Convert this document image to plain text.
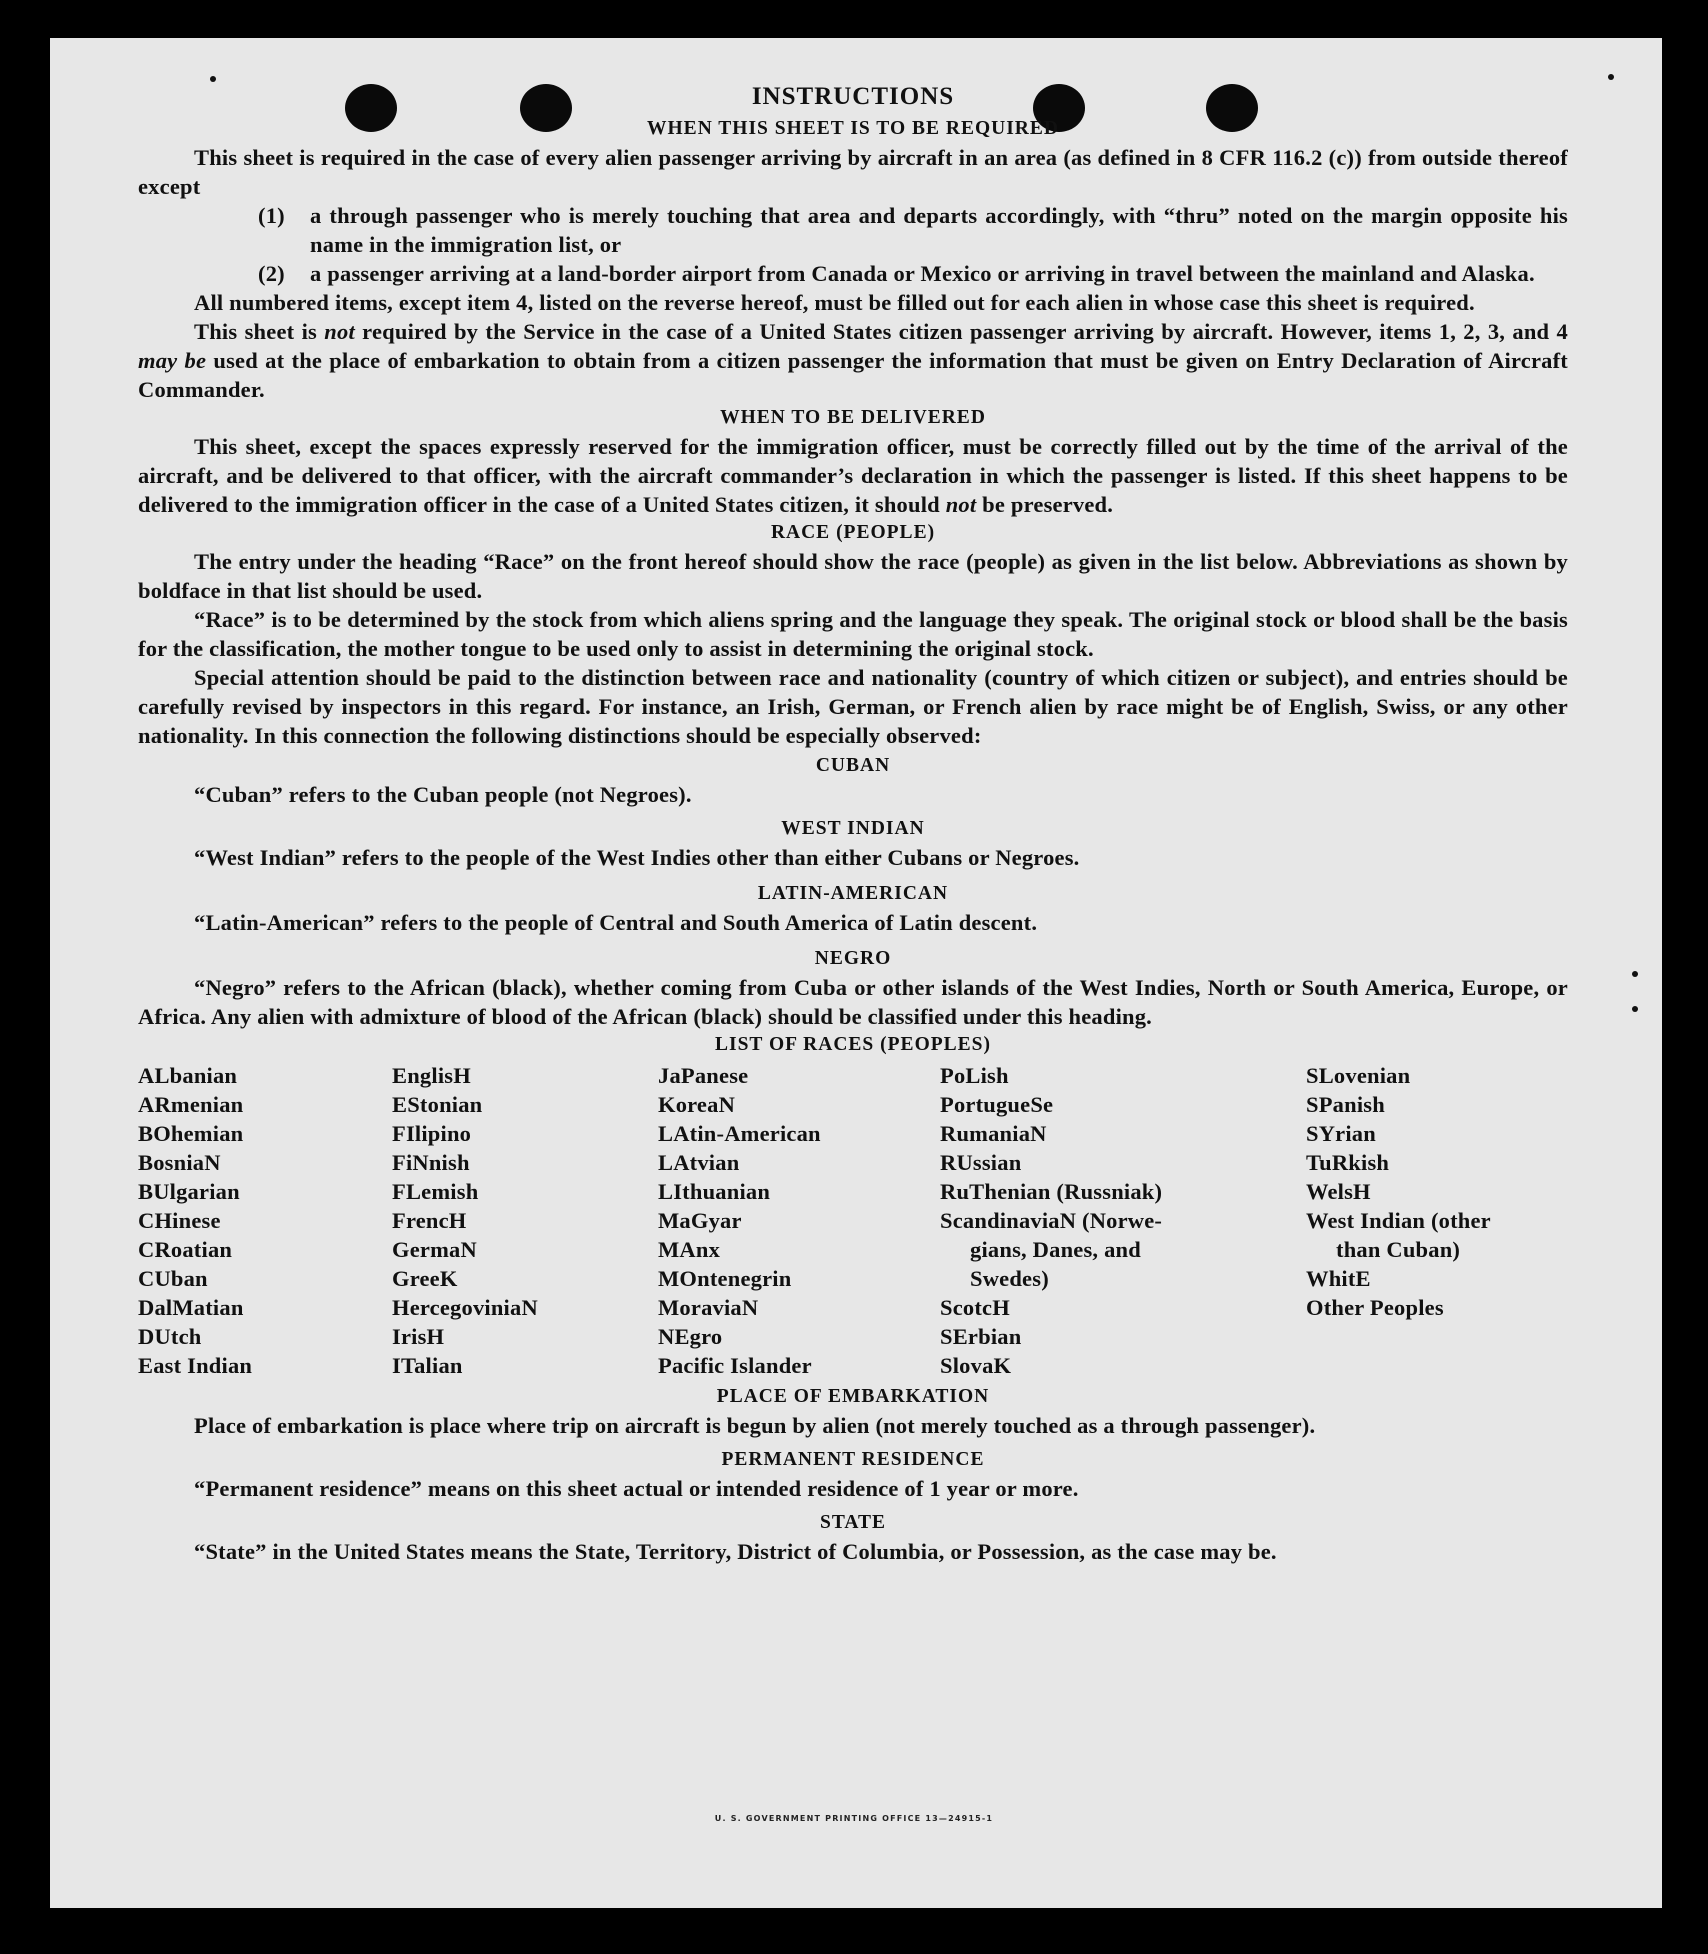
INSTRUCTIONS
WHEN THIS SHEET IS TO BE REQUIRED

This sheet is required in the case of every alien passenger arriving by aircraft in an area (as defined in 8 CFR 116.2 (c)) from outside thereof except

(1)	a through passenger who is merely touching that area and departs accordingly, with “thru” noted on the margin opposite his name in the immigration list, or
(2)	a passenger arriving at a land-border airport from Canada or Mexico or arriving in travel between the mainland and Alaska.

All numbered items, except item 4, listed on the reverse hereof, must be filled out for each alien in whose case this sheet is required.

This sheet is not required by the Service in the case of a United States citizen passenger arriving by aircraft. However, items 1, 2, 3, and 4 may be used at the place of embarkation to obtain from a citizen passenger the information that must be given on Entry Declaration of Aircraft Commander.

WHEN TO BE DELIVERED

This sheet, except the spaces expressly reserved for the immigration officer, must be correctly filled out by the time of the arrival of the aircraft, and be delivered to that officer, with the aircraft commander’s declaration in which the passenger is listed. If this sheet happens to be delivered to the immigration officer in the case of a United States citizen, it should not be preserved.

RACE (PEOPLE)

The entry under the heading “Race” on the front hereof should show the race (people) as given in the list below. Abbreviations as shown by boldface in that list should be used.

“Race” is to be determined by the stock from which aliens spring and the language they speak. The original stock or blood shall be the basis for the classification, the mother tongue to be used only to assist in determining the original stock.

Special attention should be paid to the distinction between race and nationality (country of which citizen or subject), and entries should be carefully revised by inspectors in this regard. For instance, an Irish, German, or French alien by race might be of English, Swiss, or any other nationality. In this connection the following distinctions should be especially observed:

CUBAN

“Cuban” refers to the Cuban people (not Negroes).

WEST INDIAN

“West Indian” refers to the people of the West Indies other than either Cubans or Negroes.

LATIN-AMERICAN

“Latin-American” refers to the people of Central and South America of Latin descent.

NEGRO

“Negro” refers to the African (black), whether coming from Cuba or other islands of the West Indies, North or South America, Europe, or Africa. Any alien with admixture of blood of the African (black) should be classified under this heading.

LIST OF RACES (PEOPLES)
ALbanian
ARmenian
BOhemian
BosniaN
BUlgarian
CHinese
CRoatian
CUban
DalMatian
DUtch
East Indian
EnglisH
EStonian
FIlipino
FiNnish
FLemish
FrencH
GermaN
GreeK
HercegoviniaN
IrisH
ITalian
JaPanese
KoreaN
LAtin-American
LAtvian
LIthuanian
MaGyar
MAnx
MOntenegrin
MoraviaN
NEgro
Pacific Islander
PoLish
PortugueSe
RumaniaN
RUssian
RuThenian (Russniak)
ScandinaviaN (Norwe-
gians, Danes, and
Swedes)
ScotcH
SErbian
SlovaK
SLovenian
SPanish
SYrian
TuRkish
WelsH
West Indian (other
than Cuban)
WhitE
Other Peoples
PLACE OF EMBARKATION

Place of embarkation is place where trip on aircraft is begun by alien (not merely touched as a through passenger).

PERMANENT RESIDENCE

“Permanent residence” means on this sheet actual or intended residence of 1 year or more.

STATE

“State” in the United States means the State, Territory, District of Columbia, or Possession, as the case may be.

U. S. GOVERNMENT PRINTING OFFICE 13—24915-1
